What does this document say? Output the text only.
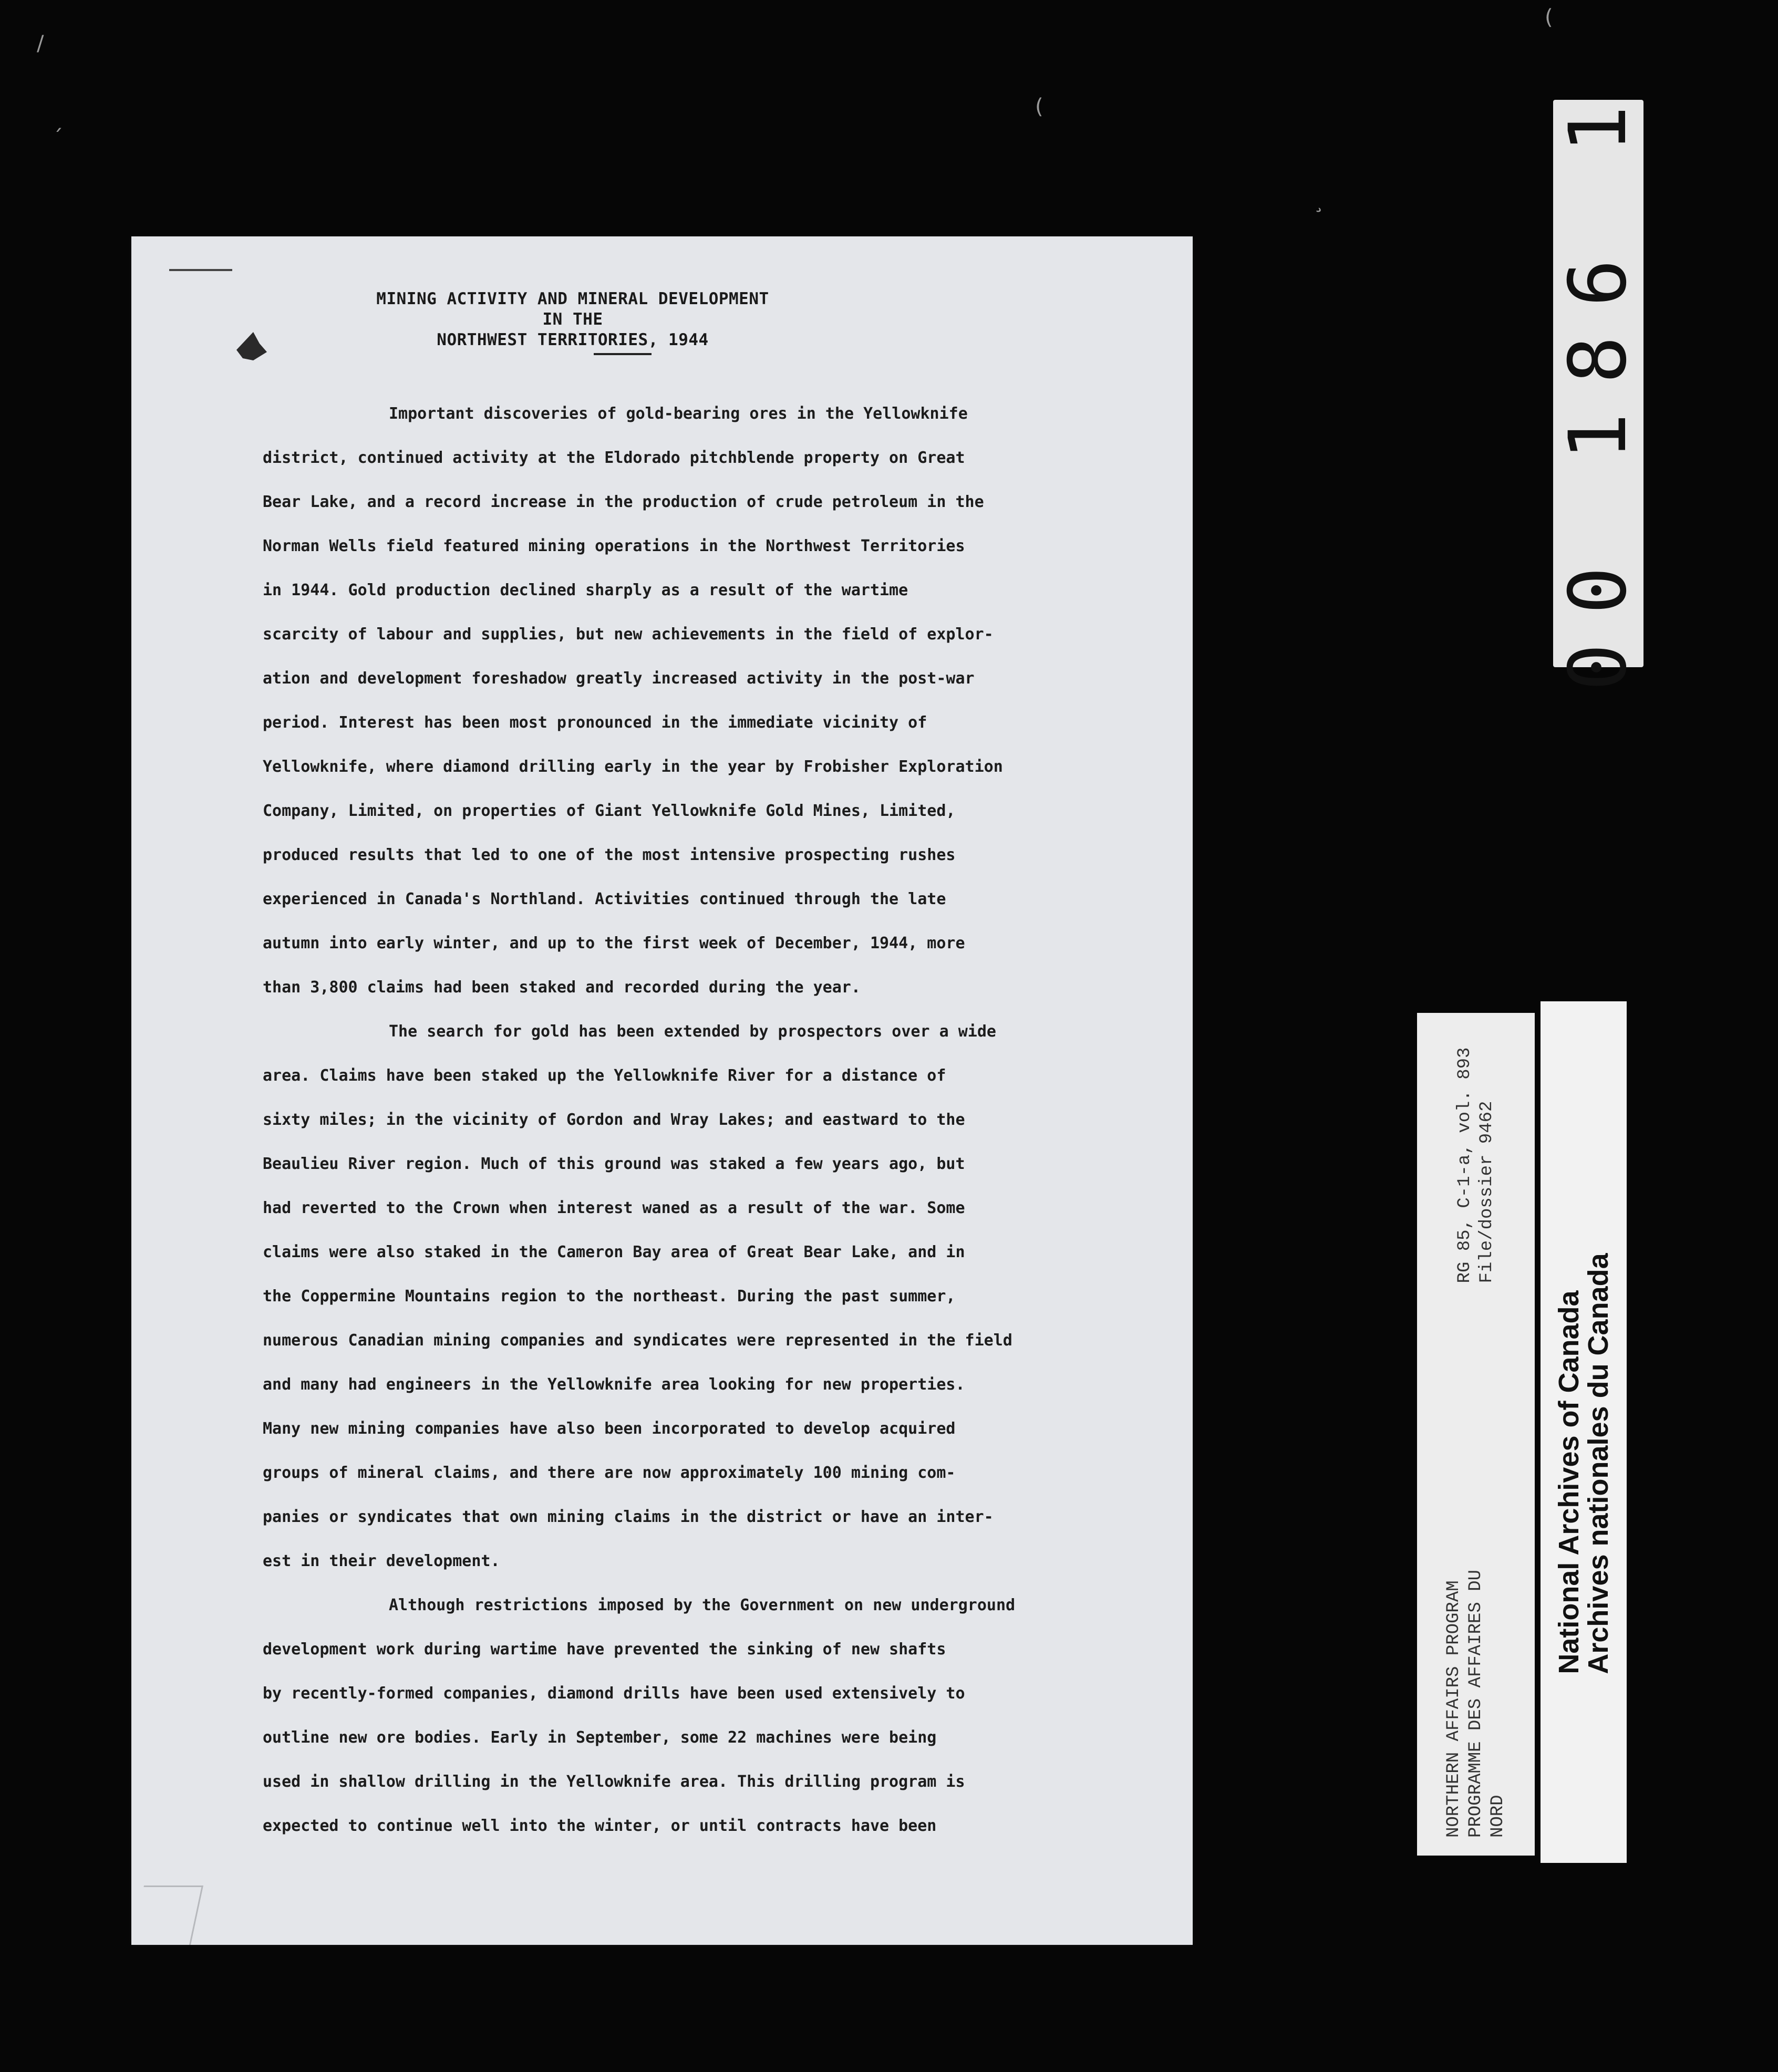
/
(
(
¸
ˊ
MINING ACTIVITY AND MINERAL DEVELOPMENT
IN THE
NORTHWEST TERRITORIES, 1944
Important discoveries of gold-bearing ores in the Yellowknife
district, continued activity at the Eldorado pitchblende property on Great
Bear Lake, and a record increase in the production of crude petroleum in the
Norman Wells field featured mining operations in the Northwest Territories
in 1944. Gold production declined sharply as a result of the wartime
scarcity of labour and supplies, but new achievements in the field of explor-
ation and development foreshadow greatly increased activity in the post-war
period. Interest has been most pronounced in the immediate vicinity of
Yellowknife, where diamond drilling early in the year by Frobisher Exploration
Company, Limited, on properties of Giant Yellowknife Gold Mines, Limited,
produced results that led to one of the most intensive prospecting rushes
experienced in Canada's Northland. Activities continued through the late
autumn into early winter, and up to the first week of December, 1944, more
than 3,800 claims had been staked and recorded during the year.
The search for gold has been extended by prospectors over a wide
area. Claims have been staked up the Yellowknife River for a distance of
sixty miles; in the vicinity of Gordon and Wray Lakes; and eastward to the
Beaulieu River region. Much of this ground was staked a few years ago, but
had reverted to the Crown when interest waned as a result of the war. Some
claims were also staked in the Cameron Bay area of Great Bear Lake, and in
the Coppermine Mountains region to the northeast. During the past summer,
numerous Canadian mining companies and syndicates were represented in the field
and many had engineers in the Yellowknife area looking for new properties.
Many new mining companies have also been incorporated to develop acquired
groups of mineral claims, and there are now approximately 100 mining com-
panies or syndicates that own mining claims in the district or have an inter-
est in their development.
Although restrictions imposed by the Government on new underground
development work during wartime have prevented the sinking of new shafts
by recently-formed companies, diamond drills have been used extensively to
outline new ore bodies. Early in September, some 22 machines were being
used in shallow drilling in the Yellowknife area. This drilling program is
expected to continue well into the winter, or until contracts have been
00 186 1
RG 85, C-1-a, vol. 893 File/dossier 9462
NORTHERN AFFAIRS PROGRAM PROGRAMME DES AFFAIRES DU NORD
National Archives of Canada
Archives nationales du Canada
